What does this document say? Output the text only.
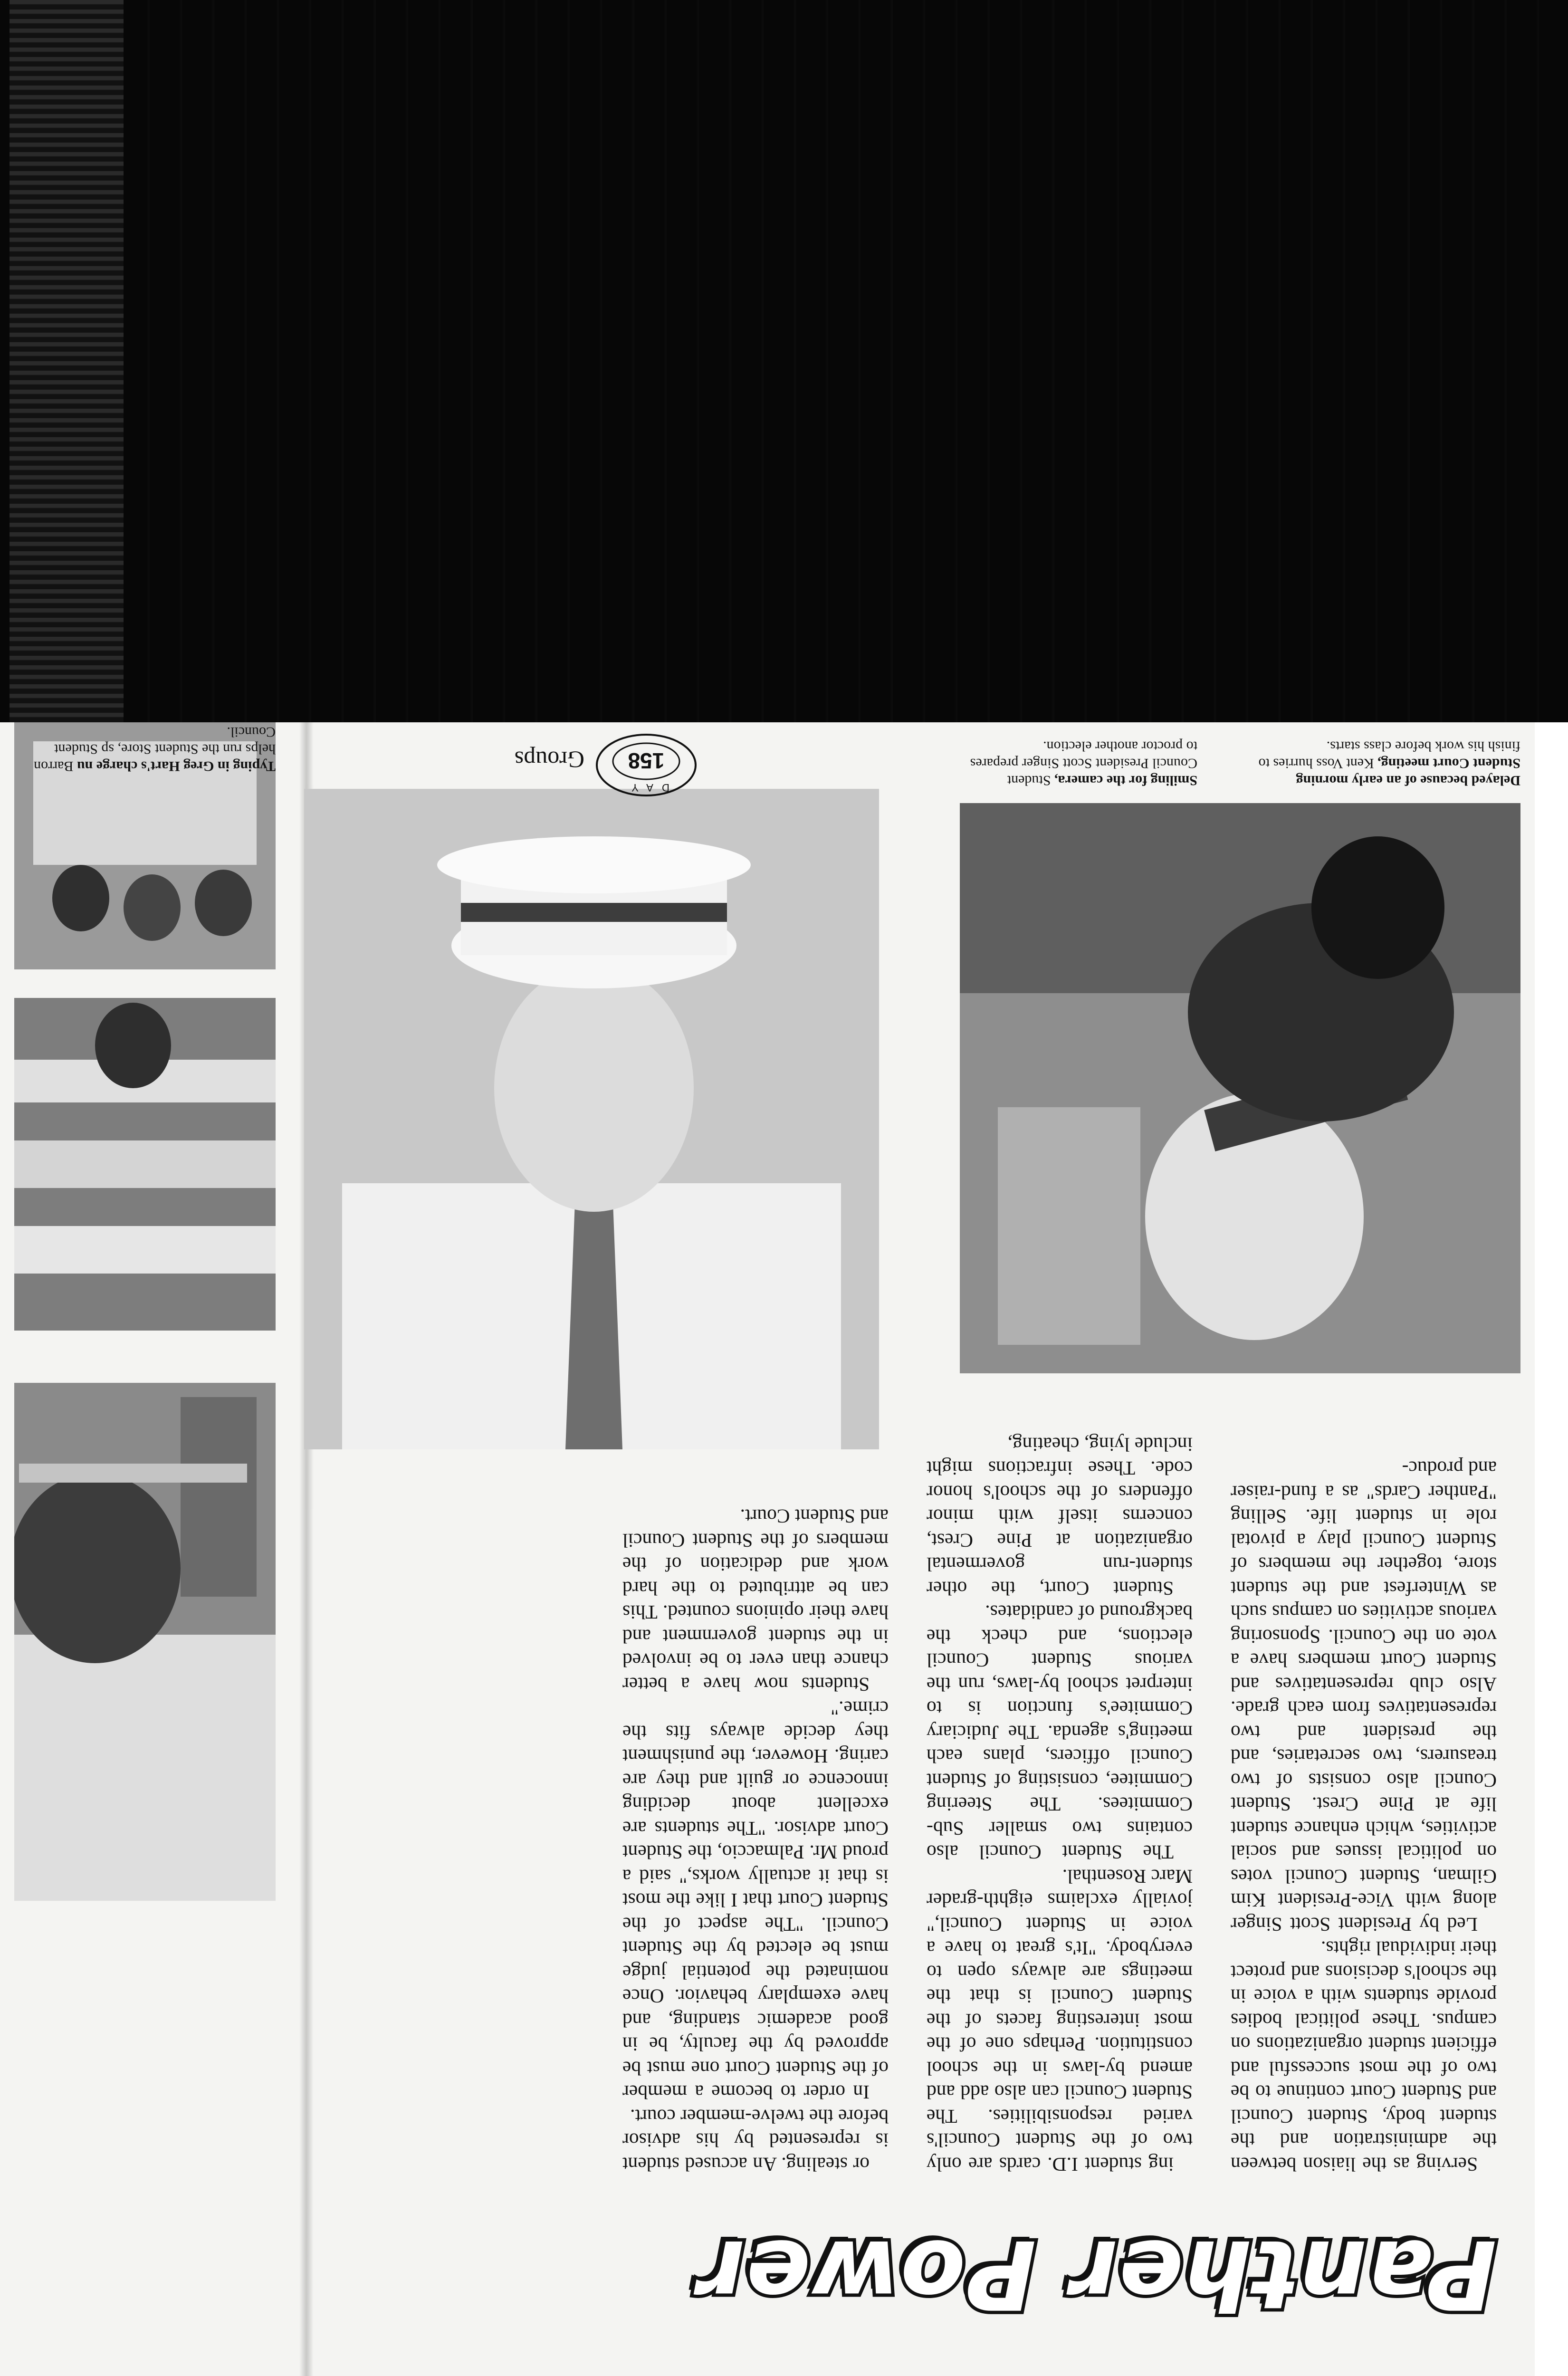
Panther Power

Serving as the liaison between the administration and the student body, Student Council and Student Court continue to be two of the most successful and efficient student organizations on campus. These political bodies provide students with a voice in the school's decisions and protect their individual rights.

Led by President Scott Singer along with Vice-President Kim Gilman, Student Council votes on political issues and social activities, which enhance student life at Pine Crest. Student Council also consists of two treasurers, two secretaries, and the president and two representatives from each grade. Also club representatives and Student Court members have a vote on the Council. Sponsoring various activities on campus such as Winterfest and the student store, together the members of Student Council play a pivotal role in student life. Selling "Panther Cards" as a fund-raiser and produc-

ing student I.D. cards are only two of the Student Council's varied responsibilities. The Student Council can also add and amend by-laws in the school constitution. Perhaps one of the most interesting facets of the Student Council is that the meetings are always open to everybody. "It's great to have a voice in Student Council," jovially exclaims eighth-grader Marc Rosenthal.

The Student Council also contains two smaller Sub-Commitees. The Steering Commitee, consisting of Student Council officers, plans each meeting's agenda. The Judiciary Commitee's function is to interpret school by-laws, run the various Student Council elections, and check the background of candidates.

Student Court, the other student-run govermental organization at Pine Crest, concerns itself with minor offenders of the school's honor code. These infractions might include lying, cheating,

or stealing. An accused student is represented by his advisor before the twelve-member court.

In order to become a member of the Student Court one must be approved by the faculty, be in good academic standing, and have exemplary behavior. Once nominated the potential judge must be elected by the Student Council. "The aspect of the Student Court that I like the most is that it actually works," said a proud Mr. Palmaccio, the Student Court advisor. "The students are excellent about deciding innocence or guilt and they are caring. However, the punishment they decide always fits the crime."

Students now have a better chance than ever to be involved in the student government and have their opinions counted. This can be attributed to the hard work and dedication of the members of the Student Council and Student Court.

Delayed because of an early morning Student Court meeting, Kent Voss hurries to finish his work before class starts.
Smiling for the camera, Student Council President Scott Singer prepares to proctor another election.
Typing in Greg Hart's charge nu Barron helps run the Student Store, sp Student Council.
DAY
158
Groups
